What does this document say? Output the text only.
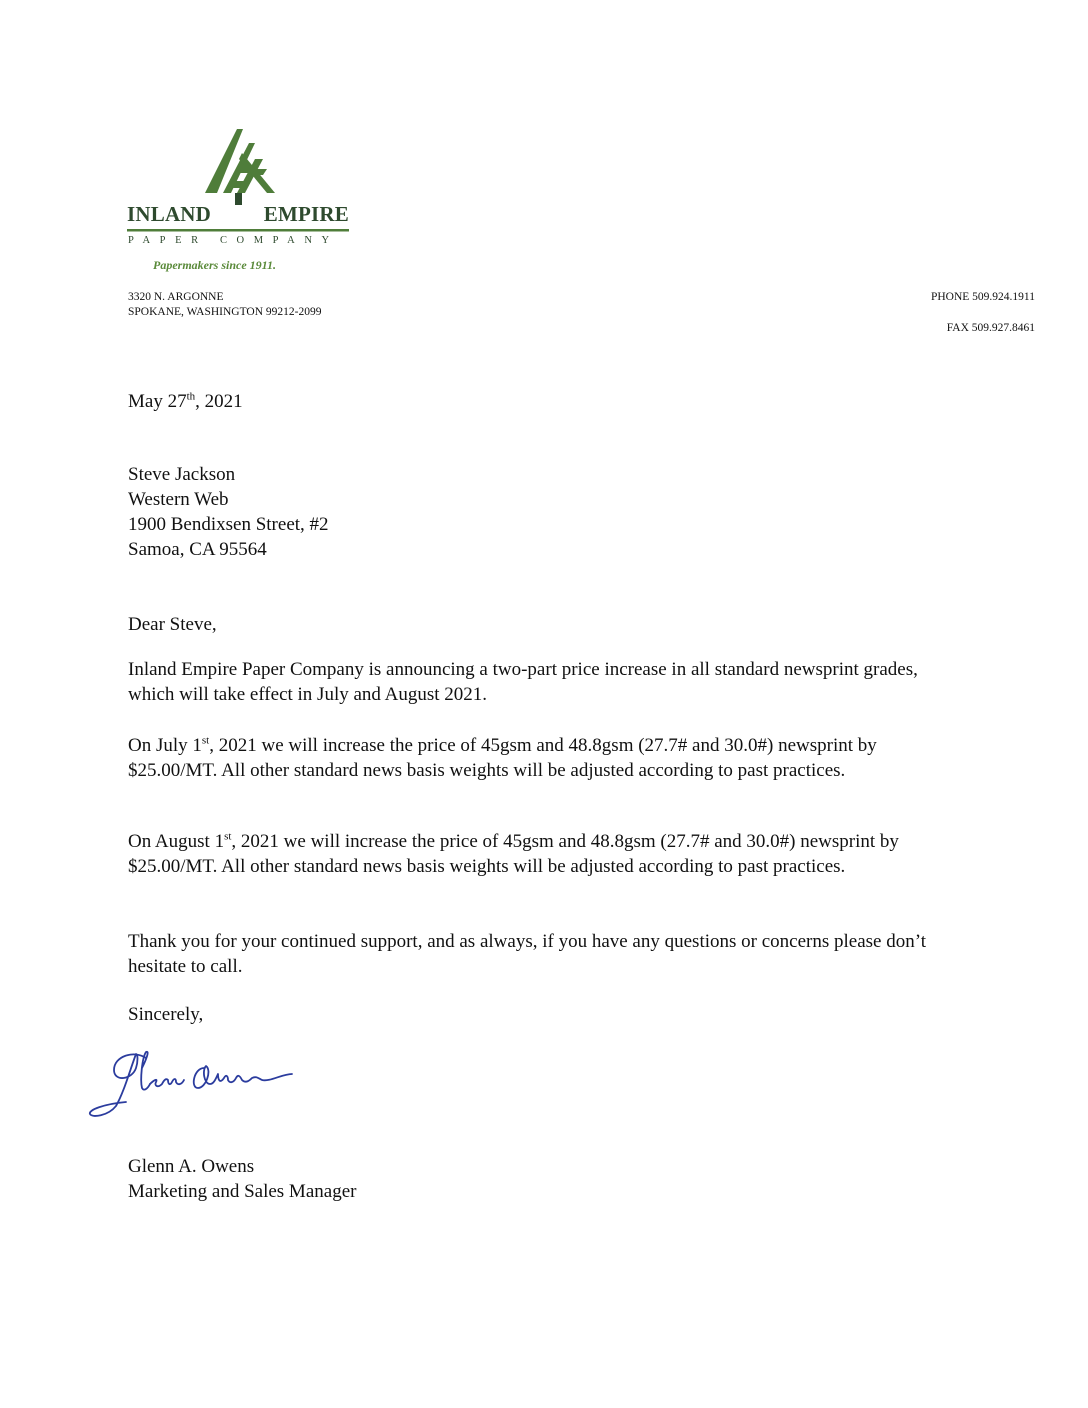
INLAND	EMPIRE
PAPER COMPANY
Papermakers since 1911.
3320 N. ARGONNE
SPOKANE, WASHINGTON 99212-2099
PHONE 509.924.1911
FAX 509.927.8461
May 27th, 2021
Steve Jackson
Western Web
1900 Bendixsen Street, #2
Samoa, CA 95564
Dear Steve,
Inland Empire Paper Company is announcing a two-part price increase in all standard newsprint grades, which will take effect in July and August 2021.
On July 1st, 2021 we will increase the price of 45gsm and 48.8gsm (27.7# and 30.0#) newsprint by $25.00/MT. All other standard news basis weights will be adjusted according to past practices.
On August 1st, 2021 we will increase the price of 45gsm and 48.8gsm (27.7# and 30.0#) newsprint by $25.00/MT. All other standard news basis weights will be adjusted according to past practices.
Thank you for your continued support, and as always, if you have any questions or concerns please don’t hesitate to call.
Sincerely,
Glenn A. Owens
Marketing and Sales Manager
